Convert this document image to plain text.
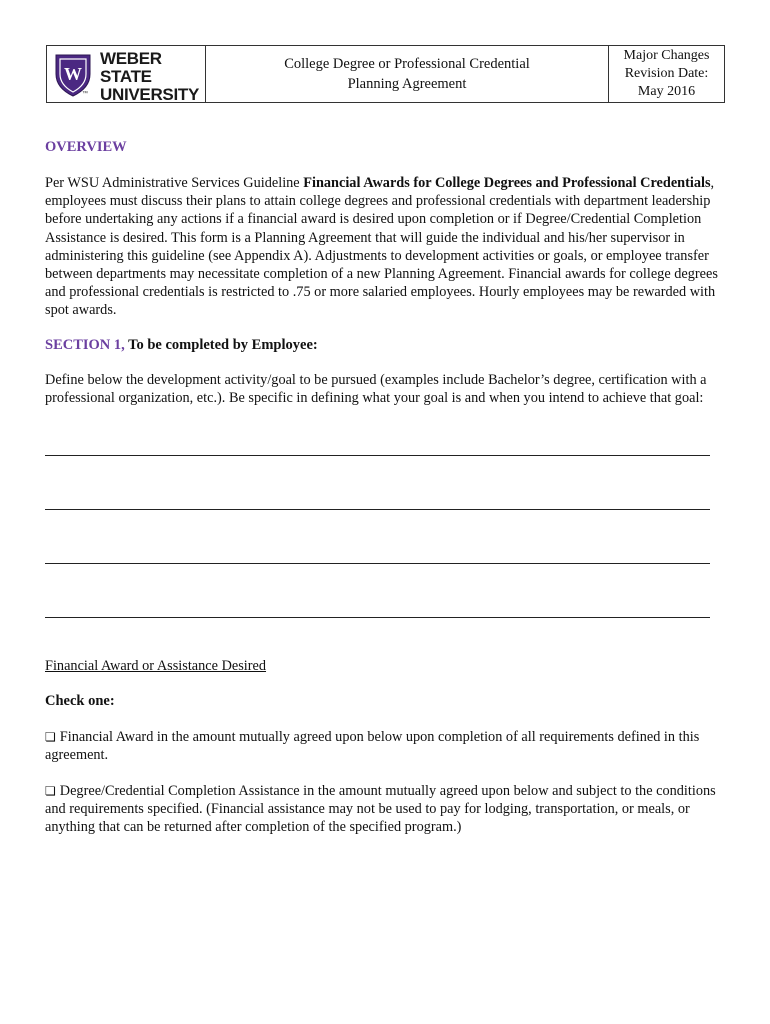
W
WEBER STATE
UNIVERSITY
™
College Degree or Professional Credential
Planning Agreement
Major Changes
Revision Date:
May 2016
OVERVIEW
Per WSU Administrative Services Guideline Financial Awards for College Degrees and Professional Credentials, employees must discuss their plans to attain college degrees and professional credentials with department leadership before undertaking any actions if a financial award is desired upon completion or if Degree/Credential Completion Assistance is desired. This form is a Planning Agreement that will guide the individual and his/her supervisor in administering this guideline (see Appendix A). Adjustments to development activities or goals, or employee transfer between departments may necessitate completion of a new Planning Agreement. Financial awards for college degrees and professional credentials is restricted to .75 or more salaried employees. Hourly employees may be rewarded with spot awards.
SECTION 1, To be completed by Employee:
Define below the development activity/goal to be pursued (examples include Bachelor’s degree, certification with a professional organization, etc.). Be specific in defining what your goal is and when you intend to achieve that goal:
Financial Award or Assistance Desired
Check one:
❏ Financial Award in the amount mutually agreed upon below upon completion of all requirements defined in this agreement.
❏ Degree/Credential Completion Assistance in the amount mutually agreed upon below and subject to the conditions and requirements specified. (Financial assistance may not be used to pay for lodging, transportation, or meals, or anything that can be returned after completion of the specified program.)
